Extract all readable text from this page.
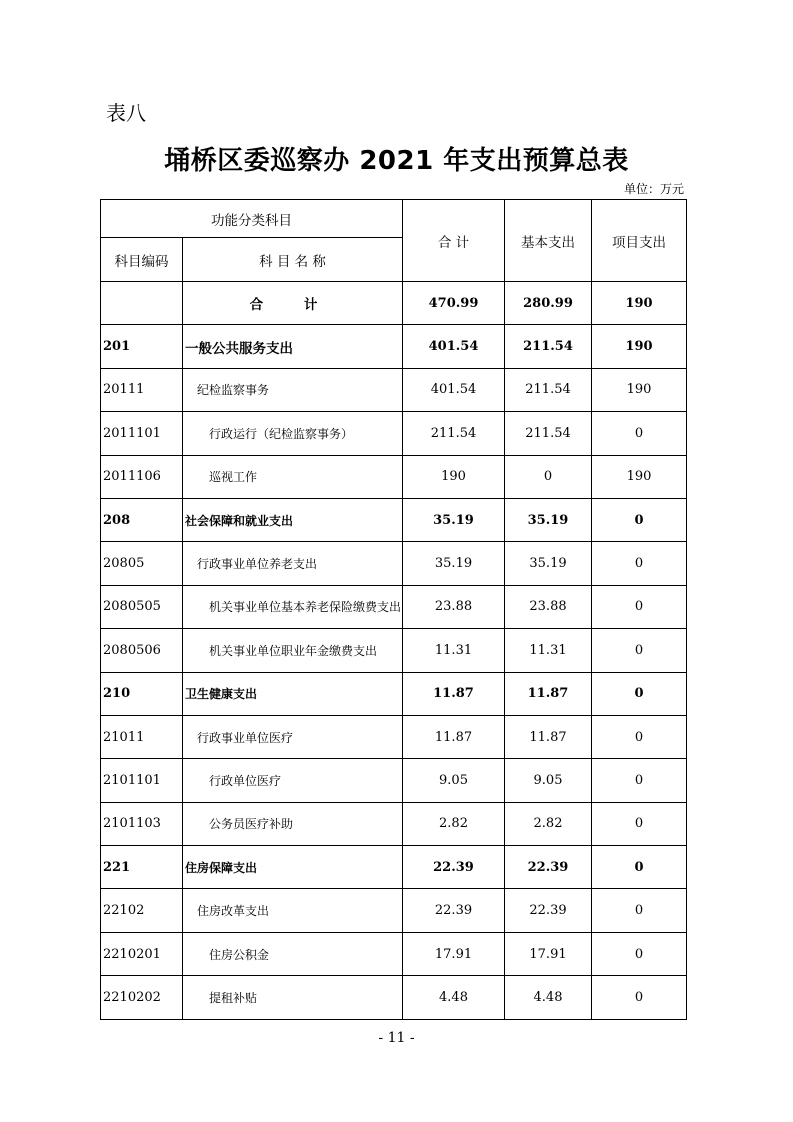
表八
埇桥区委巡察办 2021 年支出预算总表
单位：万元
功能分类科目		合 计	基本支出	项目支出
科目编码	科 目 名 称			
	合 计	470.99	280.99	190
201	一般公共服务支出	401.54	211.54	190
20111	纪检监察事务	401.54	211.54	190
2011101	行政运行（纪检监察事务）	211.54	211.54	0
2011106	巡视工作	190	0	190
208	社会保障和就业支出	35.19	35.19	0
20805	行政事业单位养老支出	35.19	35.19	0
2080505	机关事业单位基本养老保险缴费支出	23.88	23.88	0
2080506	机关事业单位职业年金缴费支出	11.31	11.31	0
210	卫生健康支出	11.87	11.87	0
21011	行政事业单位医疗	11.87	11.87	0
2101101	行政单位医疗	9.05	9.05	0
2101103	公务员医疗补助	2.82	2.82	0
221	住房保障支出	22.39	22.39	0
22102	住房改革支出	22.39	22.39	0
2210201	住房公积金	17.91	17.91	0
2210202	提租补贴	4.48	4.48	0
- 11 -
